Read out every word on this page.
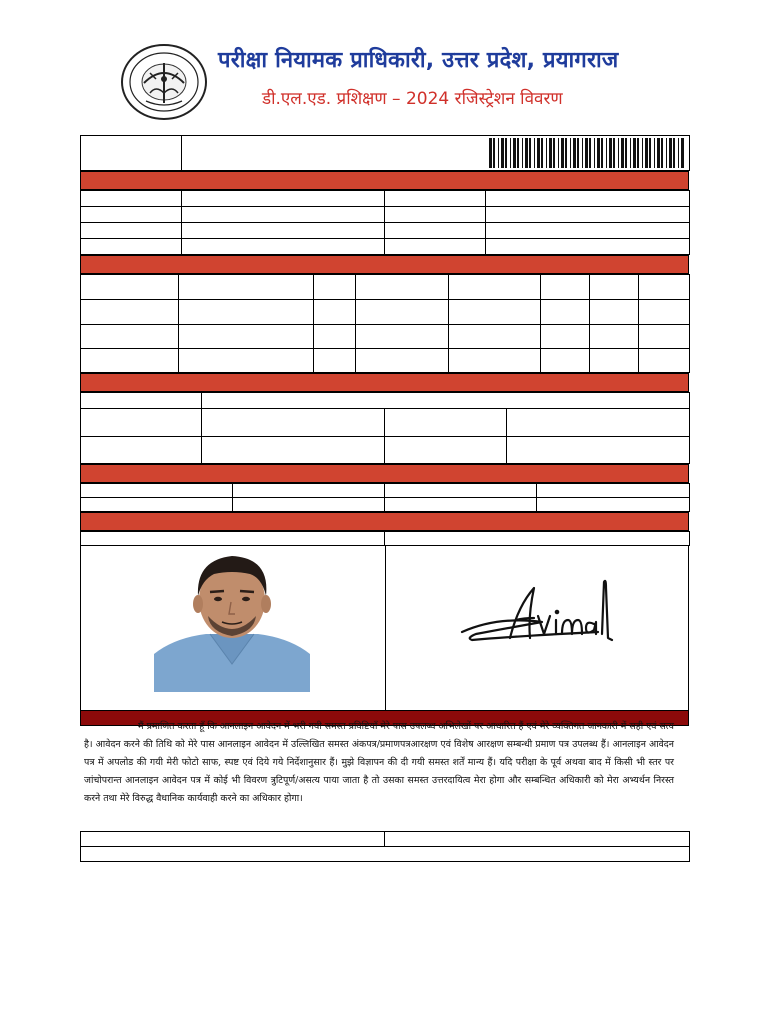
परीक्षा नियामक प्राधिकारी, उत्तर प्रदेश, प्रयागराज
डी.एल.एड. प्रशिक्षण – 2024 रजिस्ट्रेशन विवरण

मैं प्रमाणित करता हूँ कि आनलाइन आवेदन में भरी गयी समस्त प्रविष्टियाँ मेरे पास उपलब्ध अभिलेखों पर आधारित हैं एवं मेरे व्यक्तिगत जानकारी में सही एवं सत्य है। आवेदन करने की तिथि को मेरे पास आनलाइन आवेदन में उल्लिखित समस्त अंकपत्र/प्रमाणपत्रआरक्षण एवं विशेष आरक्षण सम्बन्धी प्रमाण पत्र उपलब्ध हैं। आनलाइन आवेदन पत्र में अपलोड की गयी मेरी फोटो साफ, स्पष्ट एवं दिये गये निर्देशानुसार हैं। मुझे विज्ञापन की दी गयी समस्त शर्तें मान्य हैं। यदि परीक्षा के पूर्व अथवा बाद में किसी भी स्तर पर जांचोपरान्त आनलाइन आवेदन पत्र में कोई भी विवरण त्रुटिपूर्ण/असत्य पाया जाता है तो उसका समस्त उत्तरदायित्व मेरा होगा और सम्बन्धित अधिकारी को मेरा अभ्यर्थन निरस्त करने तथा मेरे विरुद्ध वैधानिक कार्यवाही करने का अधिकार होगा।
